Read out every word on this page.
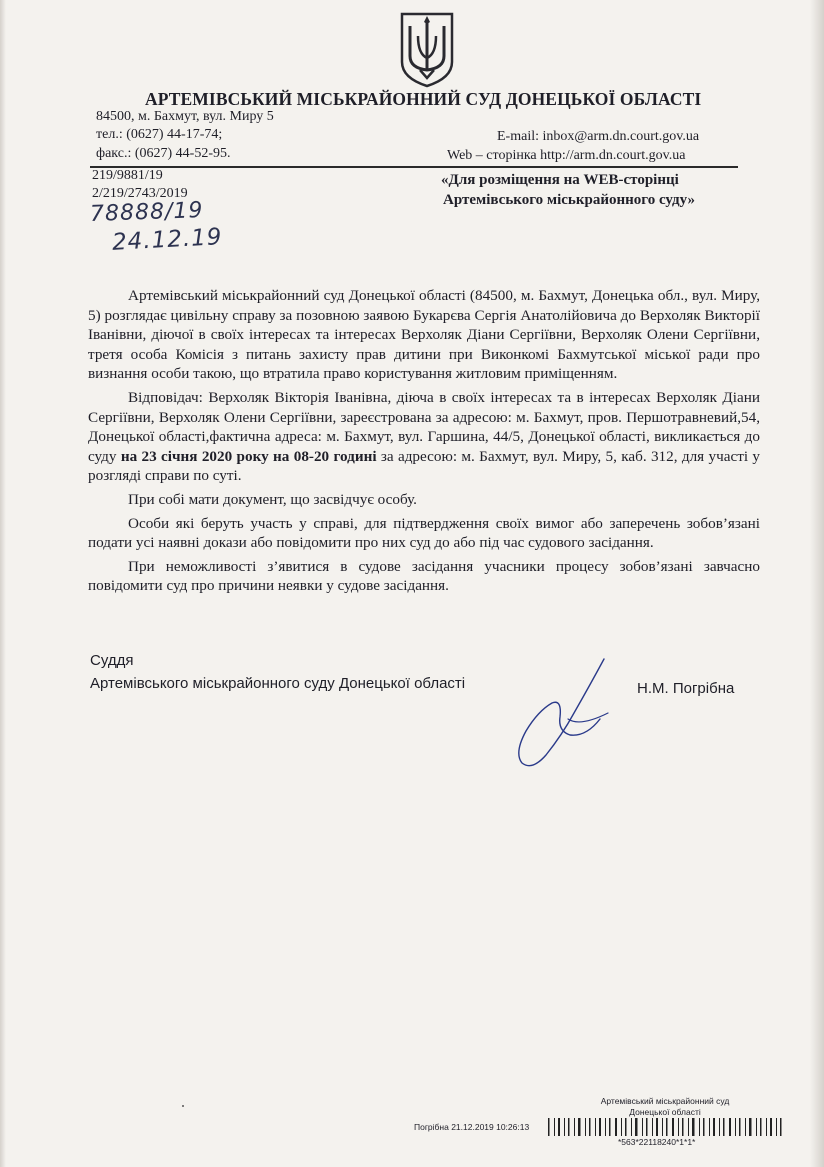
АРТЕМІВСЬКИЙ МІСЬКРАЙОННИЙ СУД ДОНЕЦЬКОЇ ОБЛАСТІ
84500, м. Бахмут, вул. Миру 5
тел.: (0627) 44-17-74;
факс.: (0627) 44-52-95.
E-mail: inbox@arm.dn.court.gov.ua
Web – сторінка http://arm.dn.court.gov.ua
219/9881/19
2/219/2743/2019
78888/19
24.12.19
«Для розміщення на WEB-сторінці
Артемівського міськрайонного суду»

Артемівський міськрайонний суд Донецької області (84500, м. Бахмут, Донецька обл., вул. Миру, 5) розглядає цивільну справу за позовною заявою Букарєва Сергія Анатолійовича до Верхоляк Викторії Іванівни, діючої в своїх інтересах та інтересах Верхоляк Діани Сергіївни, Верхоляк Олени Сергіївни, третя особа Комісія з питань захисту прав дитини при Виконкомі Бахмутської міської ради про визнання особи такою, що втратила право користування житловим приміщенням.

Відповідач: Верхоляк Вікторія Іванівна, діюча в своїх інтересах та в інтересах Верхоляк Діани Сергіївни, Верхоляк Олени Сергіївни, зареєстрована за адресою: м. Бахмут, пров. Першотравневий,54, Донецької області,фактична адреса: м. Бахмут, вул. Гаршина, 44/5, Донецької області, викликається до суду на 23 січня 2020 року на 08-20 годині за адресою: м. Бахмут, вул. Миру, 5, каб. 312, для участі у розгляді справи по суті.

При собі мати документ, що засвідчує особу.

Особи які беруть участь у справі, для підтвердження своїх вимог або заперечень зобов’язані подати усі наявні докази або повідомити про них суд до або під час судового засідання.

При неможливості з’явитися в судове засідання учасники процесу зобов’язані завчасно повідомити суд про причини неявки у судове засідання.

Суддя
Артемівського міськрайонного суду Донецької області	Н.М. Погрібна
Артемівський міськрайонний суд
Донецької області
Погрібна 21.12.2019 10:26:13
*563*22118240*1*1*
